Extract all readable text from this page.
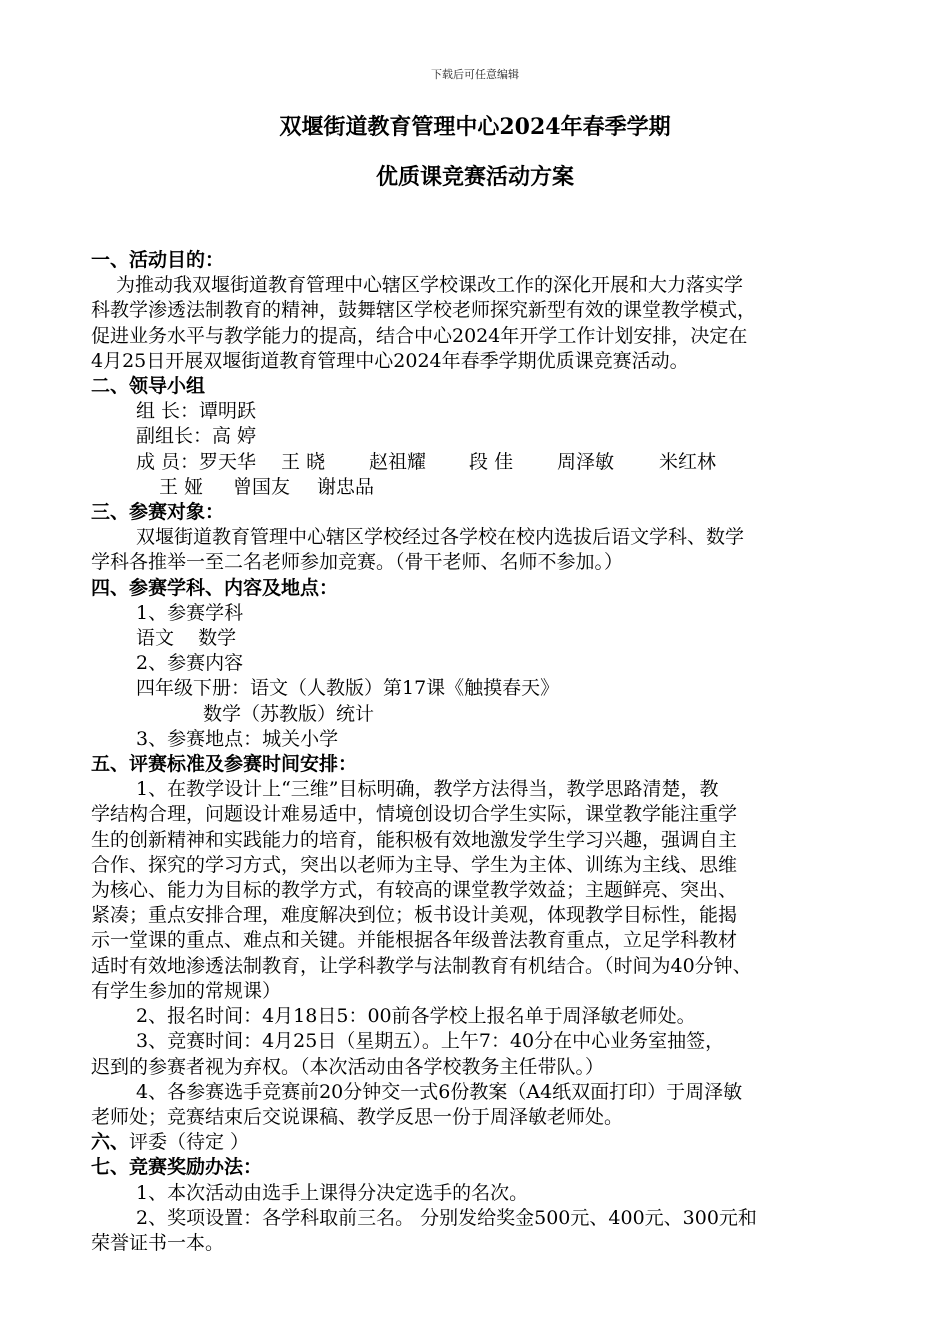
下载后可任意编辑
双堰街道教育管理中心2024年春季学期
优质课竞赛活动方案

一、活动目的：

为推动我双堰街道教育管理中心辖区学校课改工作的深化开展和大力落实学

科教学渗透法制教育的精神，鼓舞辖区学校老师探究新型有效的课堂教学模式，

促进业务水平与教学能力的提高，结合中心2024年开学工作计划安排，决定在

4月25日开展双堰街道教育管理中心2024年春季学期优质课竞赛活动。

二、领导小组

组 长：谭明跃

副组长：高 婷

成 员：罗天华 王 晓 赵祖耀 段 佳 周泽敏 米红林

王 娅 曾国友 谢忠品

三、参赛对象：

双堰街道教育管理中心辖区学校经过各学校在校内选拔后语文学科、数学

学科各推举一至二名老师参加竞赛。（骨干老师、名师不参加。）

四、参赛学科、内容及地点：

1、参赛学科

语文    数学

2、参赛内容

四年级下册：语文（人教版）第17课《触摸春天》

数学（苏教版）统计

3、参赛地点：城关小学

五、评赛标准及参赛时间安排：

1、在教学设计上“三维”目标明确，教学方法得当，教学思路清楚，教

学结构合理，问题设计难易适中，情境创设切合学生实际，课堂教学能注重学

生的创新精神和实践能力的培育，能积极有效地激发学生学习兴趣，强调自主

合作、探究的学习方式，突出以老师为主导、学生为主体、训练为主线、思维

为核心、能力为目标的教学方式，有较高的课堂教学效益；主题鲜亮、突出、

紧凑；重点安排合理，难度解决到位；板书设计美观，体现教学目标性，能揭

示一堂课的重点、难点和关键。并能根据各年级普法教育重点，立足学科教材

适时有效地渗透法制教育，让学科教学与法制教育有机结合。（时间为40分钟、

有学生参加的常规课）

2、报名时间：4月18日5：00前各学校上报名单于周泽敏老师处。

3、竞赛时间：4月25日（星期五）。上午7：40分在中心业务室抽签，

迟到的参赛者视为弃权。（本次活动由各学校教务主任带队。）

4、各参赛选手竞赛前20分钟交一式6份教案（A4纸双面打印）于周泽敏

老师处；竞赛结束后交说课稿、教学反思一份于周泽敏老师处。

六、评委（待定 ）

七、竞赛奖励办法：

1、本次活动由选手上课得分决定选手的名次。

2、奖项设置：各学科取前三名。 分别发给奖金500元、400元、300元和

荣誉证书一本。
